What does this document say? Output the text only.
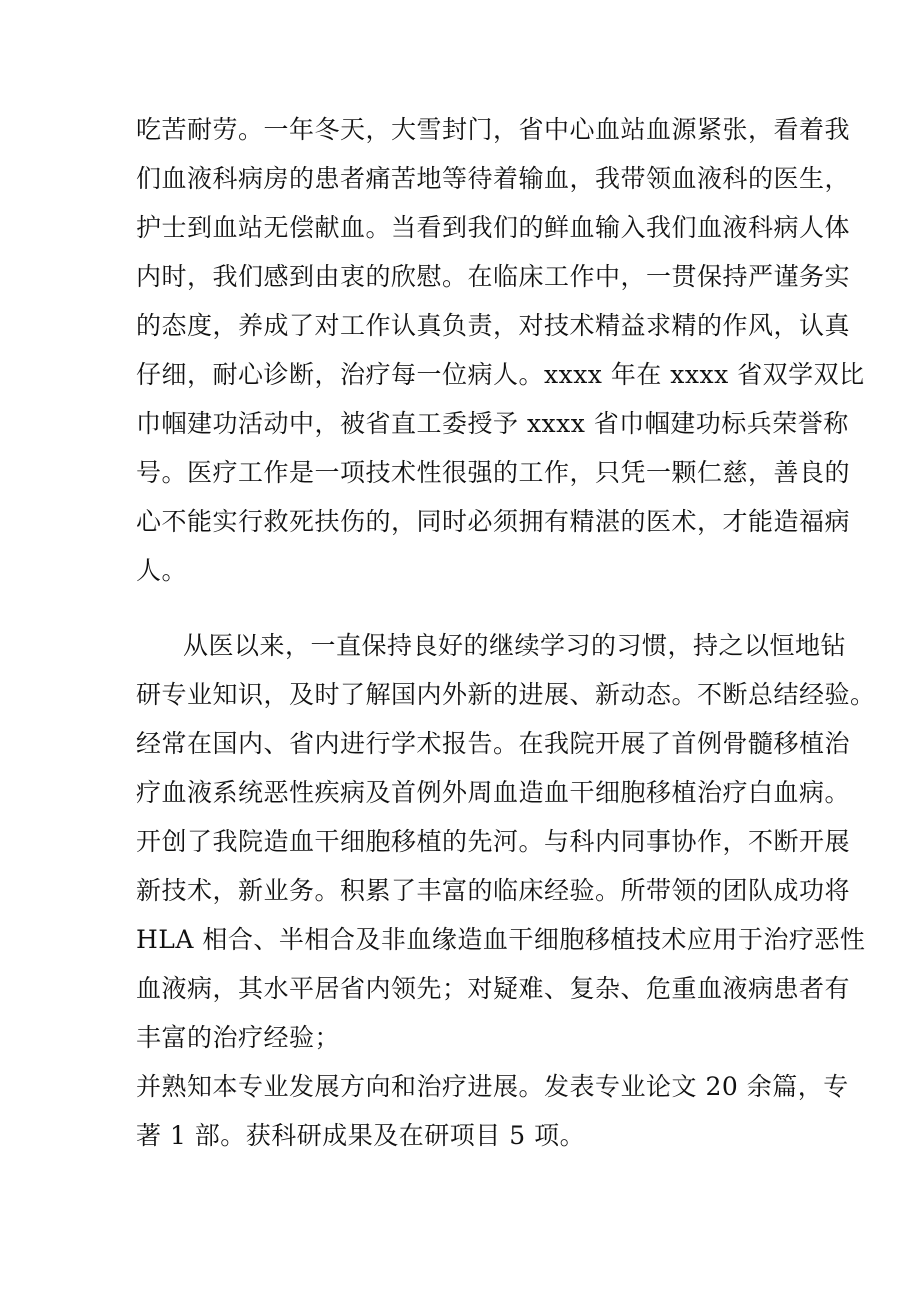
吃苦耐劳。一年冬天，大雪封门，省中心血站血源紧张，看着我
们血液科病房的患者痛苦地等待着输血，我带领血液科的医生，
护士到血站无偿献血。当看到我们的鲜血输入我们血液科病人体
内时，我们感到由衷的欣慰。在临床工作中，一贯保持严谨务实
的态度，养成了对工作认真负责，对技术精益求精的作风，认真
仔细，耐心诊断，治疗每一位病人。xxxx 年在 xxxx 省双学双比
巾帼建功活动中，被省直工委授予 xxxx 省巾帼建功标兵荣誉称
号。医疗工作是一项技术性很强的工作，只凭一颗仁慈，善良的
心不能实行救死扶伤的，同时必须拥有精湛的医术，才能造福病
人。
从医以来，一直保持良好的继续学习的习惯，持之以恒地钻
研专业知识，及时了解国内外新的进展、新动态。不断总结经验。
经常在国内、省内进行学术报告。在我院开展了首例骨髓移植治
疗血液系统恶性疾病及首例外周血造血干细胞移植治疗白血病。
开创了我院造血干细胞移植的先河。与科内同事协作，不断开展
新技术，新业务。积累了丰富的临床经验。所带领的团队成功将
HLA 相合、半相合及非血缘造血干细胞移植技术应用于治疗恶性
血液病，其水平居省内领先；对疑难、复杂、危重血液病患者有
丰富的治疗经验；
并熟知本专业发展方向和治疗进展。发表专业论文 20 余篇，专
著 1 部。获科研成果及在研项目 5 项。
